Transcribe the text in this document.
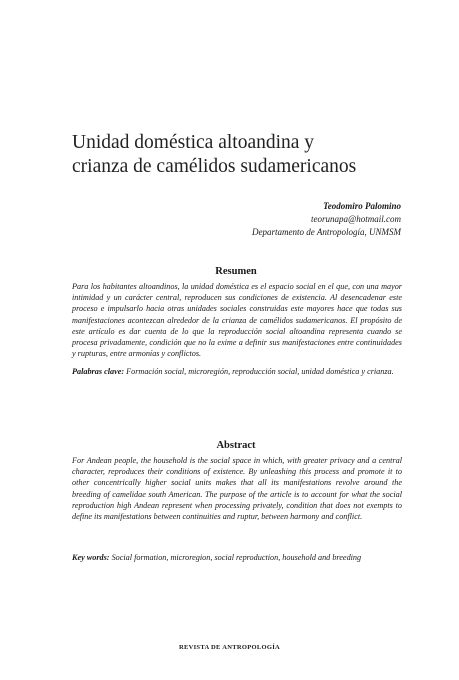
Unidad doméstica altoandina y
crianza de camélidos sudamericanos
Teodomiro Palomino
teorunapa@hotmail.com
Departamento de Antropología, UNMSM
Resumen

Para los habitantes altoandinos, la unidad doméstica es el espacio social en el que, con una mayor intimidad y un carácter central, reproducen sus condiciones de existencia. Al desencadenar este proceso e impulsarlo hacia otras unidades sociales construidas este mayores hace que todas sus manifestaciones acontezcan alrededor de la crianza de camélidos sudamericanos. El propósito de este artículo es dar cuenta de lo que la reproducción social altoandina representa cuando se procesa privadamente, condición que no la exime a definir sus manifestaciones entre continuidades y rupturas, entre armonías y conflictos.

Palabras clave: Formación social, microregión, reproducción social, unidad doméstica y crianza.

Abstract

For Andean people, the household is the social space in which, with greater privacy and a central character, reproduces their conditions of existence. By unleashing this process and promote it to other concentrically higher social units makes that all its manifestations revolve around the breeding of camelidae south American. The purpose of the article is to account for what the social reproduction high Andean represent when processing privately, condition that does not exempts to define its manifestations between continuities and ruptur, between harmony and conflict.

Key words: Social formation, microregion, social reproduction, household and breeding

REVISTA DE ANTROPOLOGÍA
